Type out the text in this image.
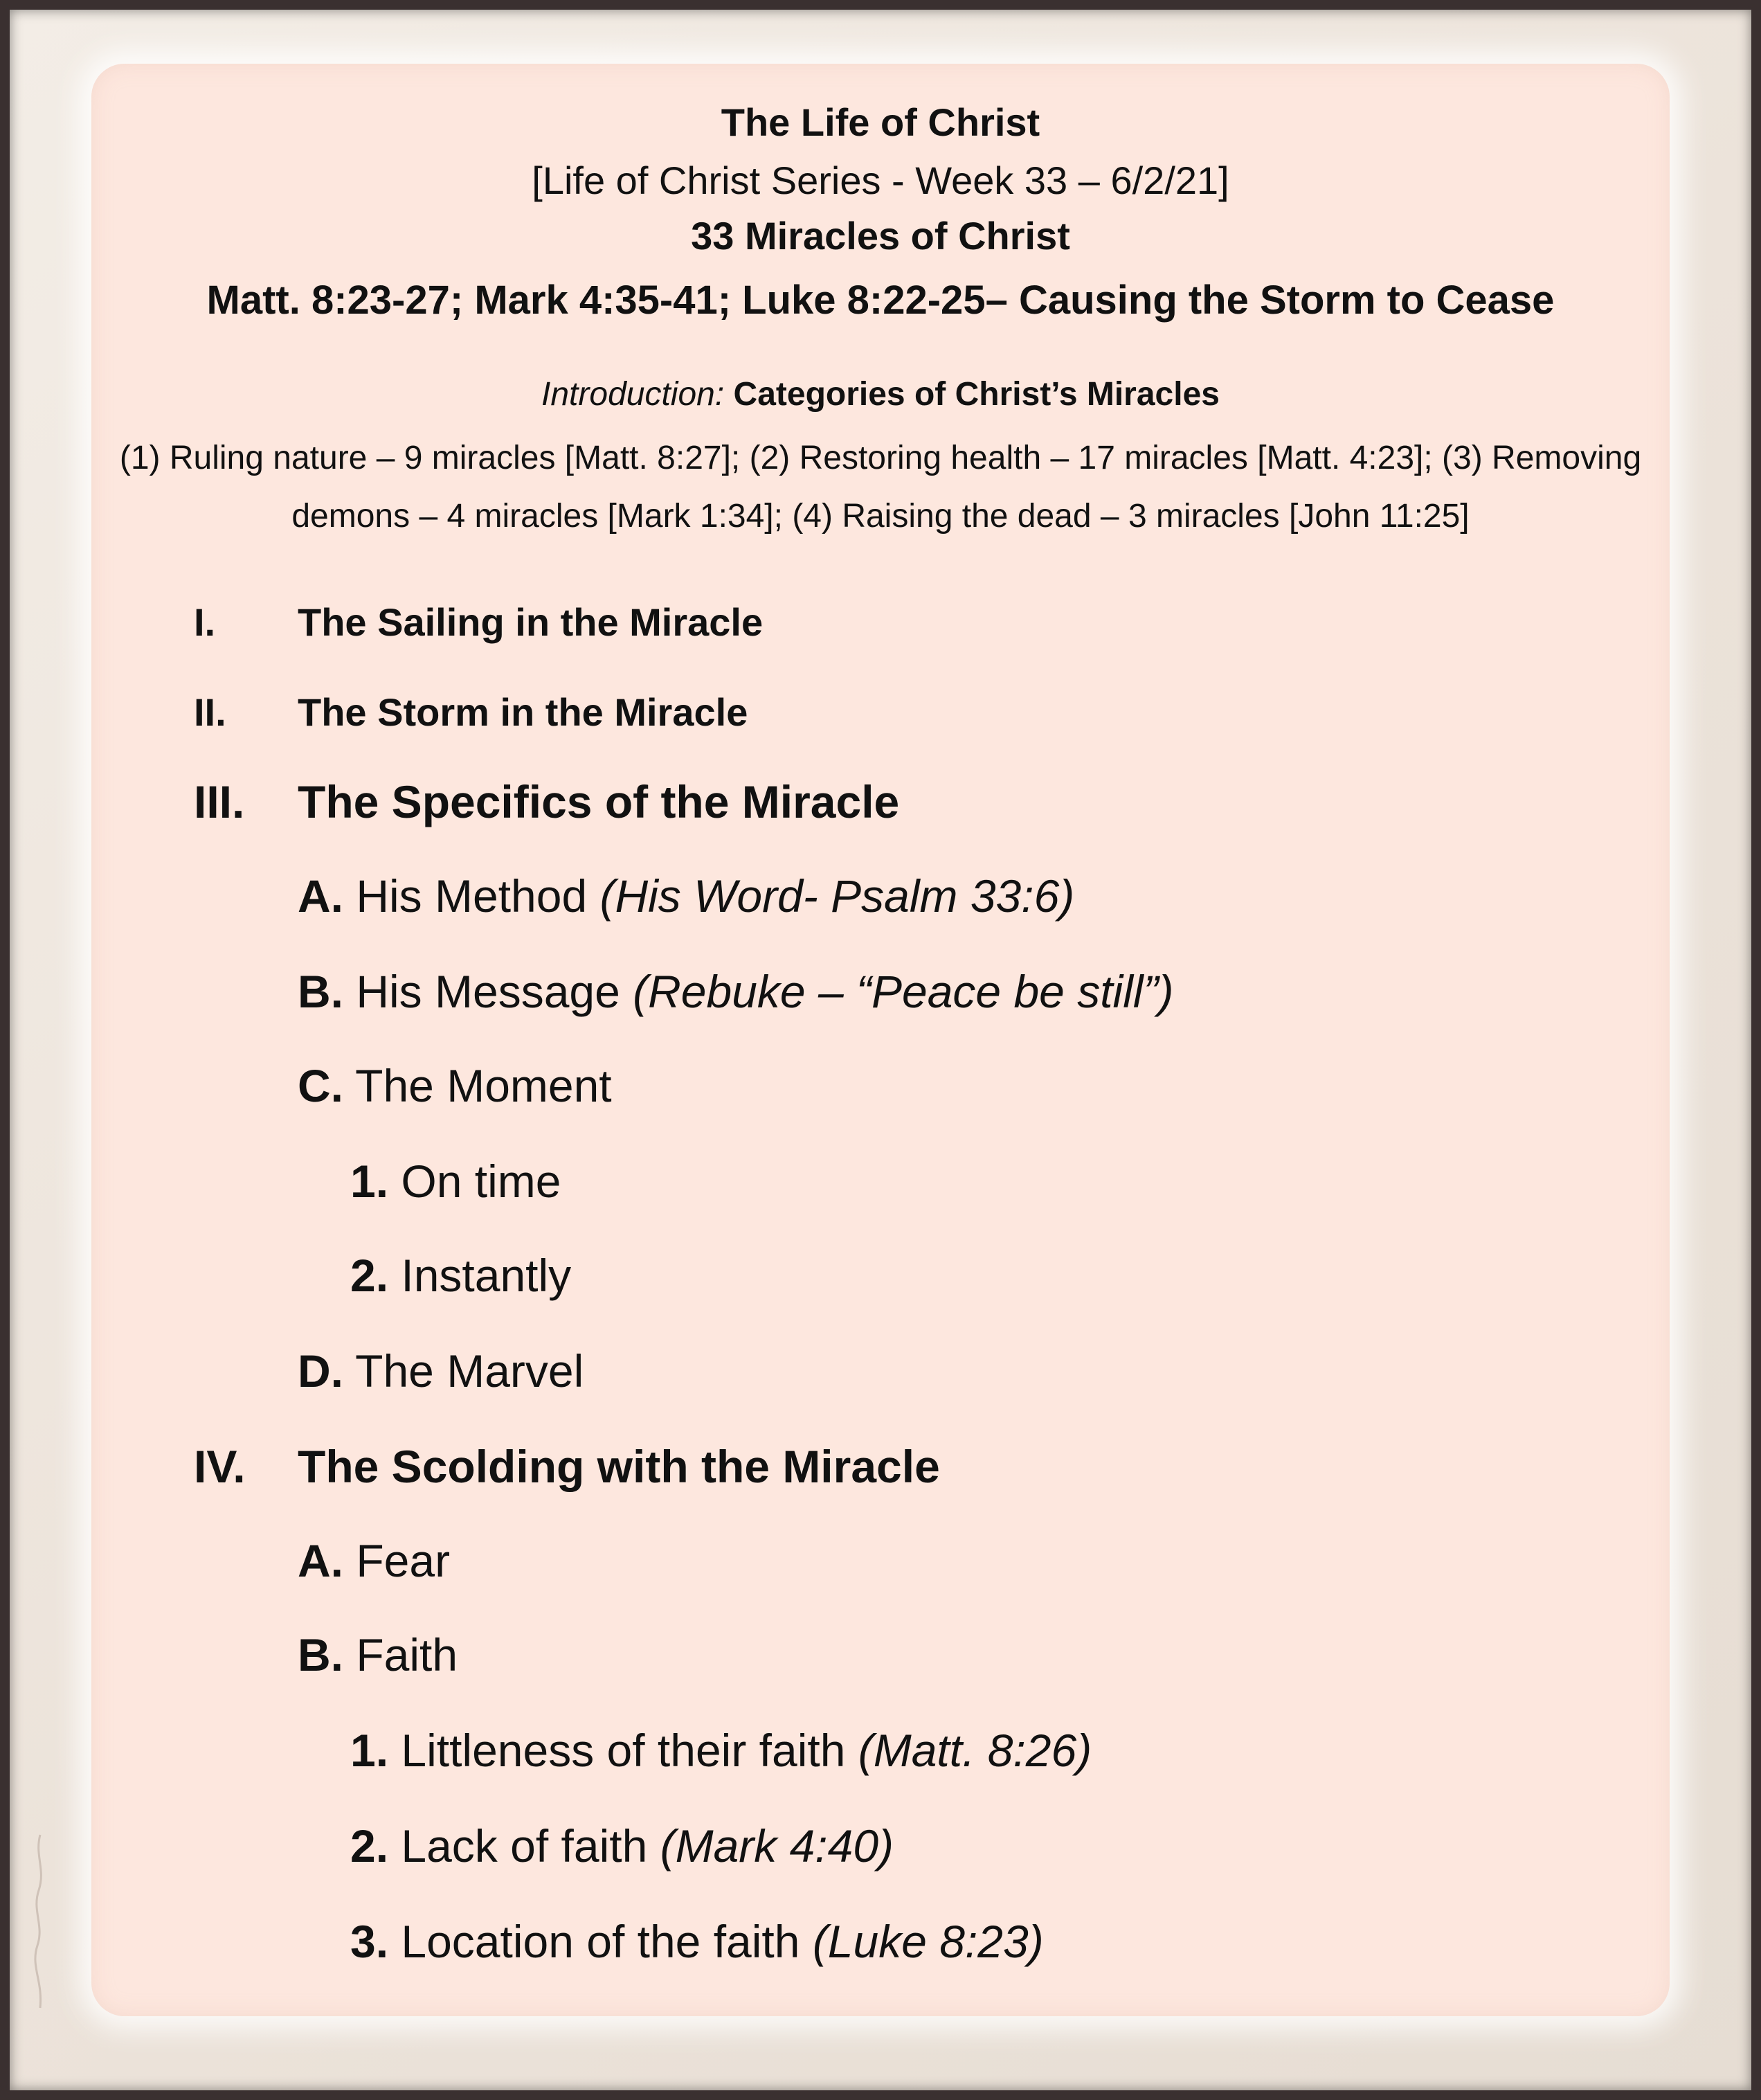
The Life of Christ
[Life of Christ Series - Week 33 – 6/2/21]
33 Miracles of Christ
Matt. 8:23-27; Mark 4:35-41; Luke 8:22-25– Causing the Storm to Cease
Introduction: Categories of Christ’s Miracles
(1) Ruling nature – 9 miracles [Matt. 8:27]; (2) Restoring health – 17 miracles [Matt. 4:23]; (3) Removing demons – 4 miracles [Mark 1:34]; (4) Raising the dead – 3 miracles [John 11:25]
I. The Sailing in the Miracle
II. The Storm in the Miracle
III. The Specifics of the Miracle
A. His Method (His Word- Psalm 33:6)
B. His Message (Rebuke – “Peace be still”)
C. The Moment
1. On time
2. Instantly
D. The Marvel
IV. The Scolding with the Miracle
A. Fear
B. Faith
1. Littleness of their faith (Matt. 8:26)
2. Lack of faith (Mark 4:40)
3. Location of the faith (Luke 8:23)
